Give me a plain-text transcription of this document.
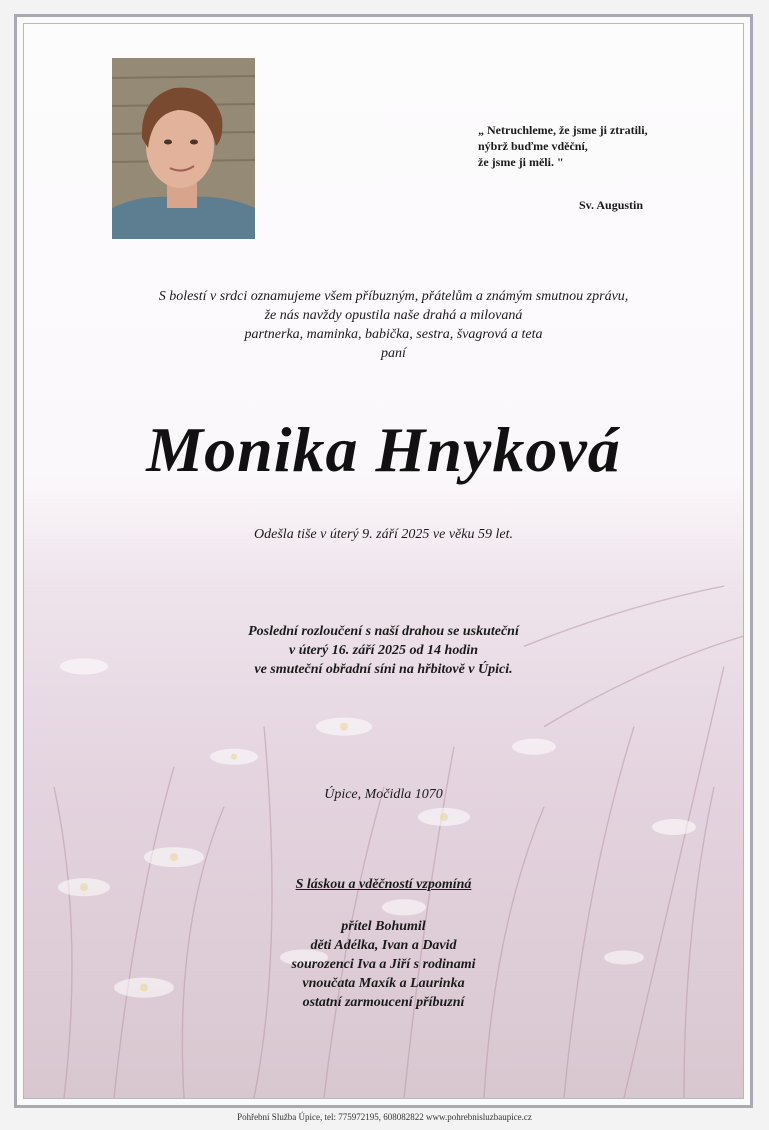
„ Netruchleme, že jsme ji ztratili,
nýbrž buďme vděční,
že jsme ji měli. "
Sv. Augustin
S bolestí v srdci oznamujeme všem příbuzným, přátelům a známým smutnou zprávu,
že nás navždy opustila naše drahá a milovaná
partnerka, maminka, babička, sestra, švagrová a teta
paní
Monika Hnyková
Odešla tiše v úterý 9. září 2025 ve věku 59 let.
Poslední rozloučení s naší drahou se uskuteční
v úterý 16. září 2025 od 14 hodin
ve smuteční obřadní síni na hřbitově v Úpici.
Úpice, Močidla 1070
S láskou a vděčností vzpomíná
přítel Bohumil
děti Adélka, Ivan a David
sourozenci Iva a Jiří s rodinami
vnoučata Maxík a Laurinka
ostatní zarmoucení příbuzní
Pohřební Služba Úpice, tel: 775972195, 608082822 www.pohrebnisluzbaupice.cz
